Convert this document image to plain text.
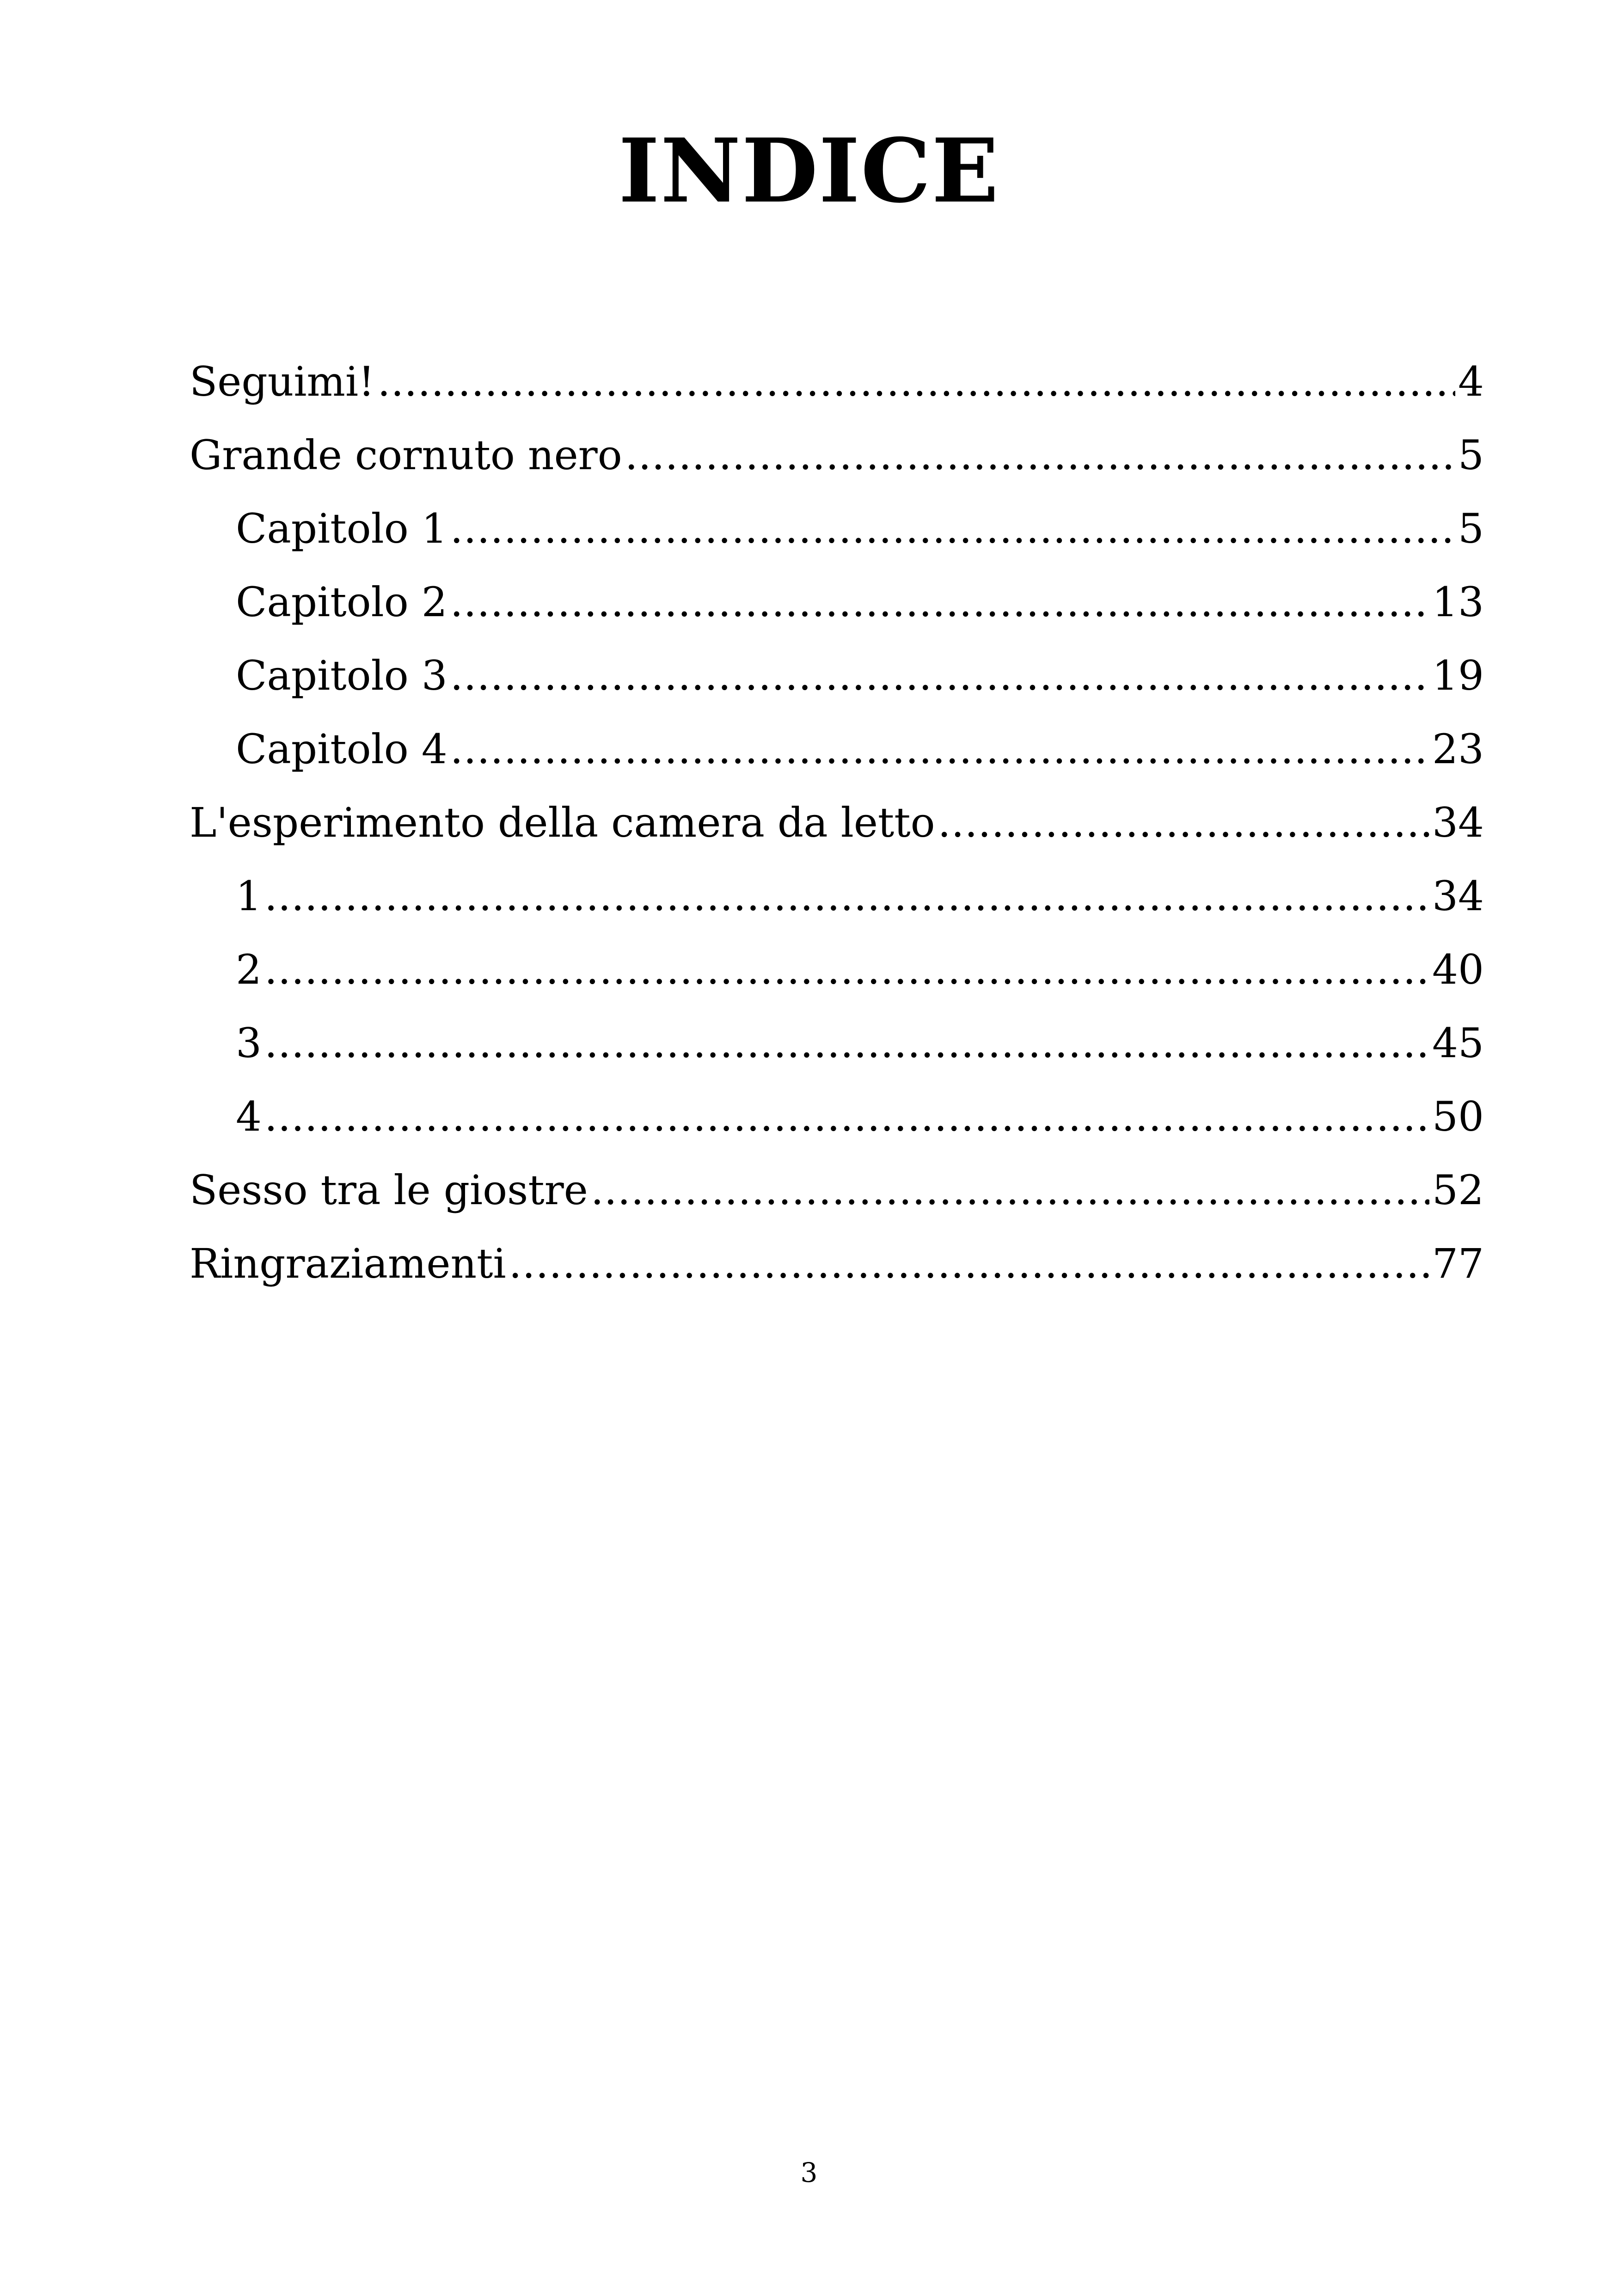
INDICE
Seguimi! .....	4
Grande cornuto nero .....	5
Capitolo 1 .....	5
Capitolo 2 .....	13
Capitolo 3 .....	19
Capitolo 4 .....	23
L'esperimento della camera da letto .....	34
1 .....	34
2 .....	40
3 .....	45
4 .....	50
Sesso tra le giostre .....	52
Ringraziamenti .....	77
3
